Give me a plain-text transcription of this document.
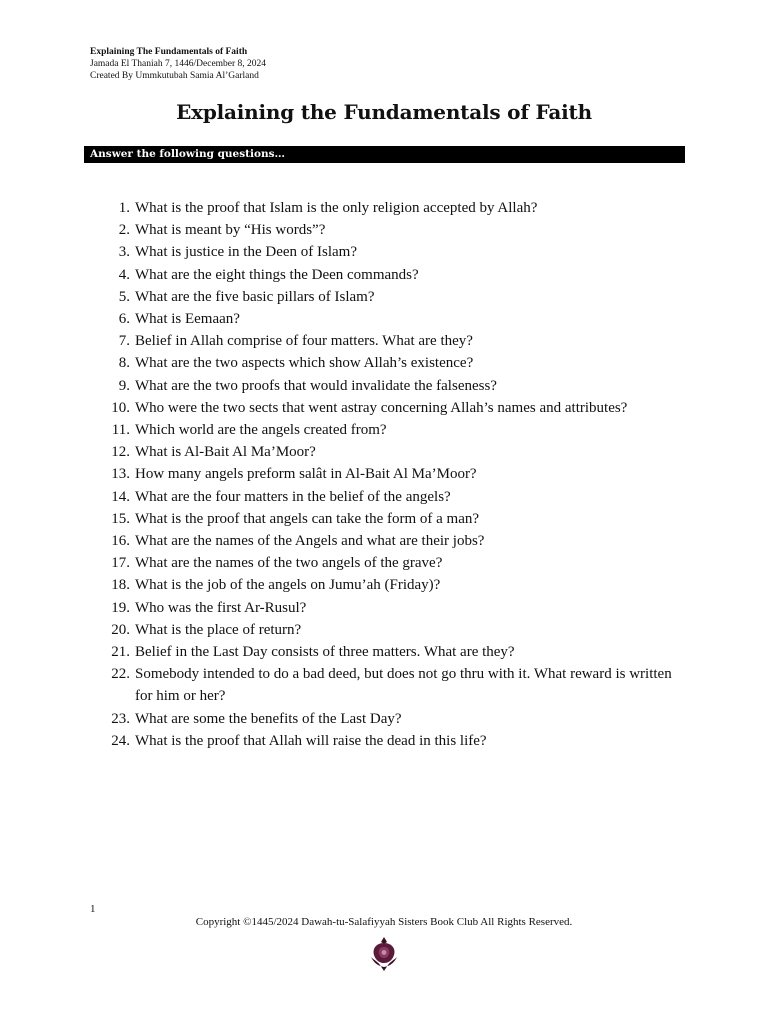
Explaining The Fundamentals of Faith
Jamada El Thaniah 7, 1446/December 8, 2024
Created By Ummkutubah Samia Al’Garland
Explaining the Fundamentals of Faith
Answer the following questions…
1. What is the proof that Islam is the only religion accepted by Allah?
2. What is meant by “His words”?
3. What is justice in the Deen of Islam?
4. What are the eight things the Deen commands?
5. What are the five basic pillars of Islam?
6. What is Eemaan?
7. Belief in Allah comprise of four matters. What are they?
8. What are the two aspects which show Allah’s existence?
9. What are the two proofs that would invalidate the falseness?
10. Who were the two sects that went astray concerning Allah’s names and attributes?
11. Which world are the angels created from?
12. What is Al-Bait Al Ma’Moor?
13. How many angels preform salât in Al-Bait Al Ma’Moor?
14. What are the four matters in the belief of the angels?
15. What is the proof that angels can take the form of a man?
16. What are the names of the Angels and what are their jobs?
17. What are the names of the two angels of the grave?
18. What is the job of the angels on Jumu’ah (Friday)?
19. Who was the first Ar-Rusul?
20. What is the place of return?
21. Belief in the Last Day consists of three matters. What are they?
22. Somebody intended to do a bad deed, but does not go thru with it. What reward is written for him or her?
23. What are some the benefits of the Last Day?
24. What is the proof that Allah will raise the dead in this life?
1
Copyright ©1445/2024 Dawah-tu-Salafiyyah Sisters Book Club All Rights Reserved.
